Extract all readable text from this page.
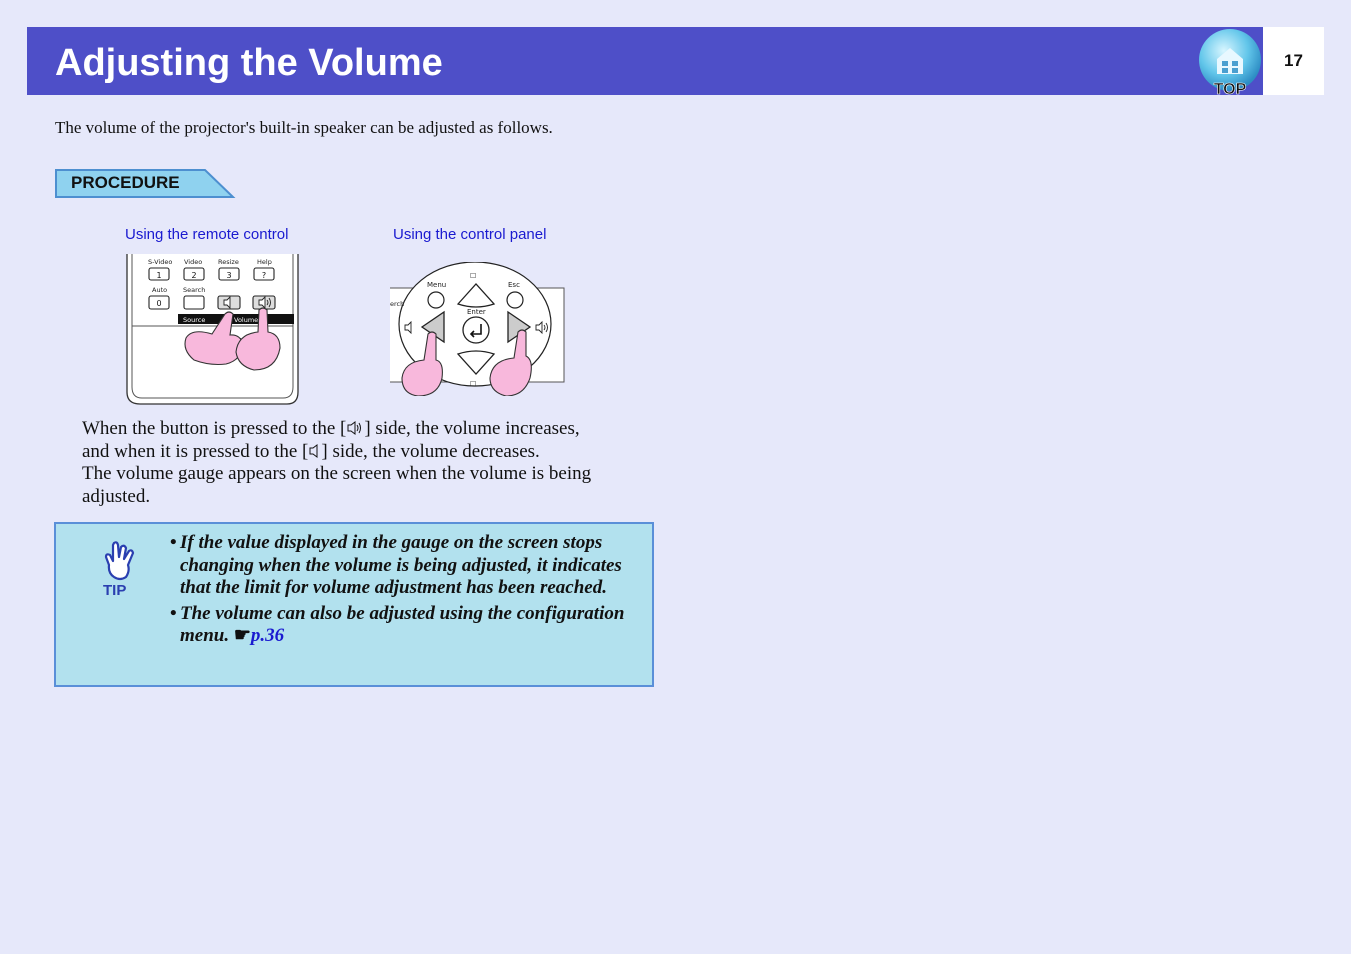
Adjusting the Volume
TOP
17
The volume of the projector's built-in speaker can be adjusted as follows.
PROCEDURE
Using the remote control	Using the control panel
S-Video Video Resize	Help
Auto Search
1	2	3	?
0
Source	Volume
erch
Menu	Esc
Enter
☐
☐
When the button is pressed to the [ ] side, the volume increases,
and when it is pressed to the [ ] side, the volume decreases.
The volume gauge appears on the screen when the volume is being adjusted.
TIP
• If the value displayed in the gauge on the screen stops changing when the volume is being adjusted, it indicates that the limit for volume adjustment has been reached.
• The volume can also be adjusted using the configuration menu. ☛p.36
